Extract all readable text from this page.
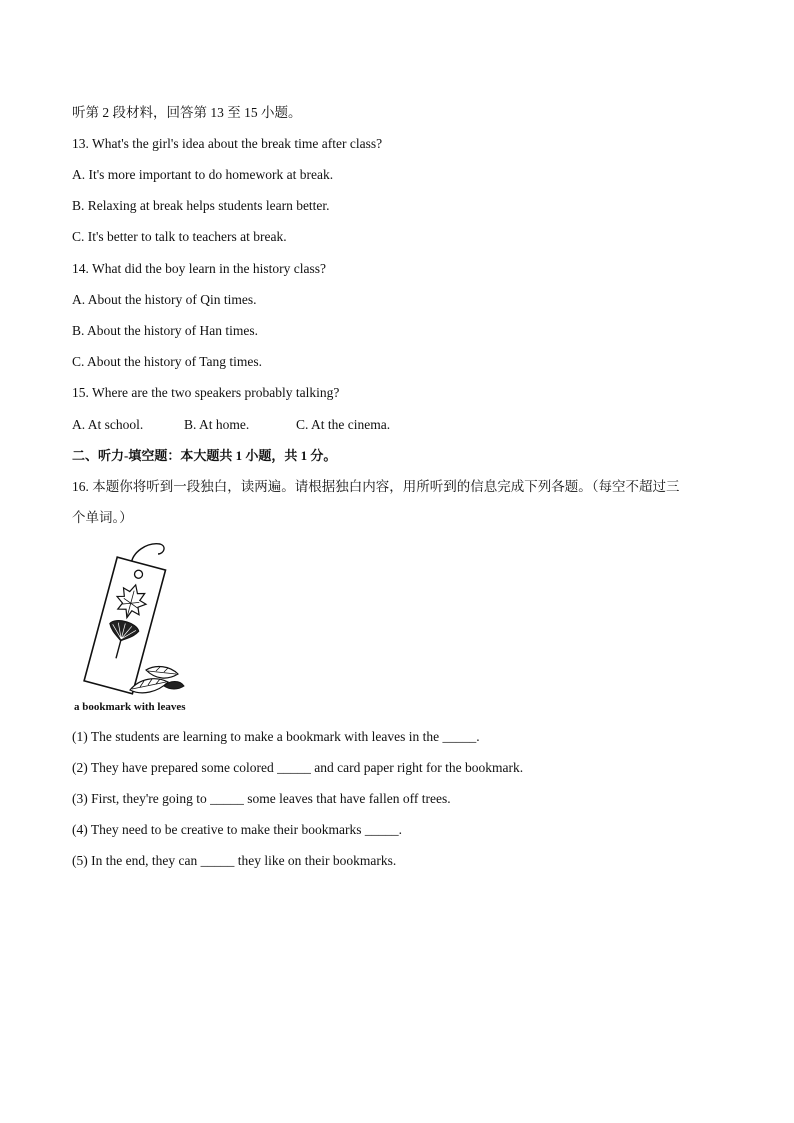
听第 2 段材料，回答第 13 至 15 小题。
13. What's the girl's idea about the break time after class?
A. It's more important to do homework at break.
B. Relaxing at break helps students learn better.
C. It's better to talk to teachers at break.
14. What did the boy learn in the history class?
A. About the history of Qin times.
B. About the history of Han times.
C. About the history of Tang times.
15. Where are the two speakers probably talking?
A. At school.	B. At home.	C. At the cinema.
二、听力-填空题：本大题共 1 小题，共 1 分。
16. 本题你将听到一段独白，读两遍。请根据独白内容，用所听到的信息完成下列各题。（每空不超过三
个单词。）
a bookmark with leaves
(1) The students are learning to make a bookmark with leaves in the _____.
(2) They have prepared some colored _____ and card paper right for the bookmark.
(3) First, they're going to _____ some leaves that have fallen off trees.
(4) They need to be creative to make their bookmarks _____.
(5) In the end, they can _____ they like on their bookmarks.
